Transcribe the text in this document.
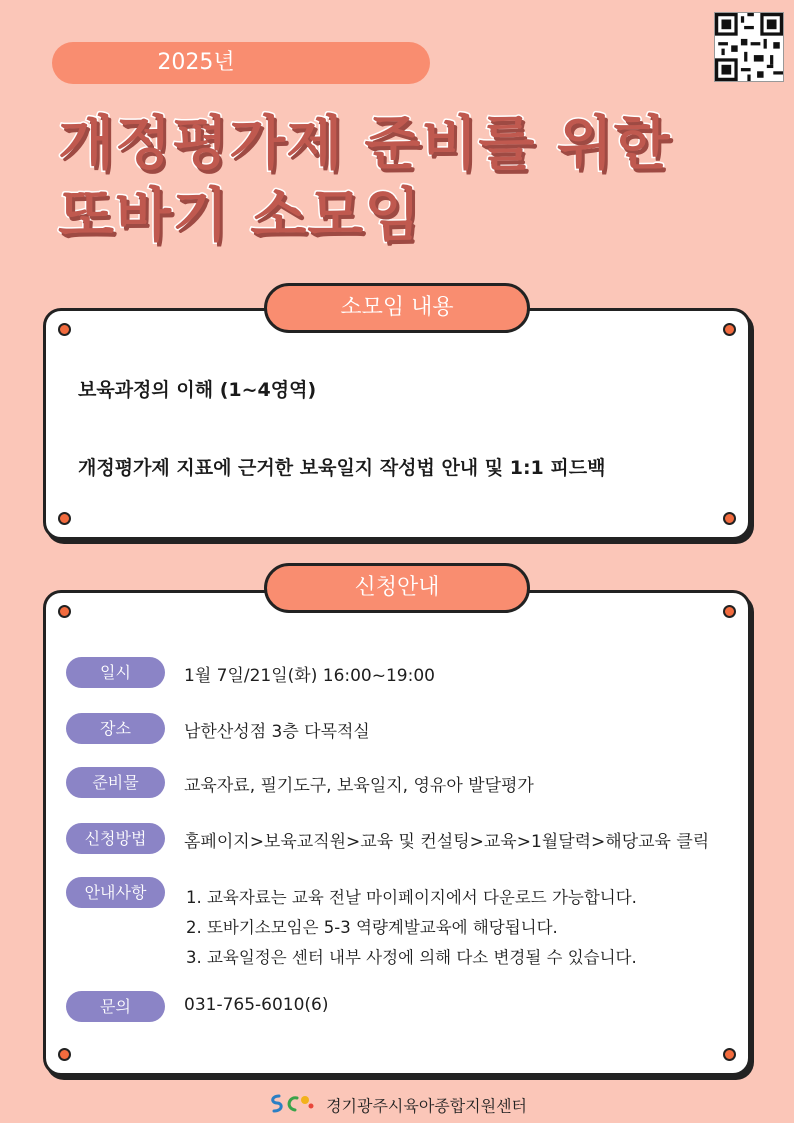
2025년
개정평가제 준비를 위한
또바기 소모임

보육과정의 이해 (1~4영역)

개정평가제 지표에 근거한 보육일지 작성법 안내 및 1:1 피드백

소모임 내용
일시	1월 7일/21일(화) 16:00~19:00
장소	남한산성점 3층 다목적실
준비물	교육자료, 필기도구, 보육일지, 영유아 발달평가
신청방법	홈페이지>보육교직원>교육 및 컨설팅>교육>1월달력>해당교육 클릭
안내사항	1. 교육자료는 교육 전날 마이페이지에서 다운로드 가능합니다.
2. 또바기소모임은 5-3 역량계발교육에 해당됩니다.
3. 교육일정은 센터 내부 사정에 의해 다소 변경될 수 있습니다.
문의	031-765-6010(6)
신청안내
경기광주시육아종합지원센터
